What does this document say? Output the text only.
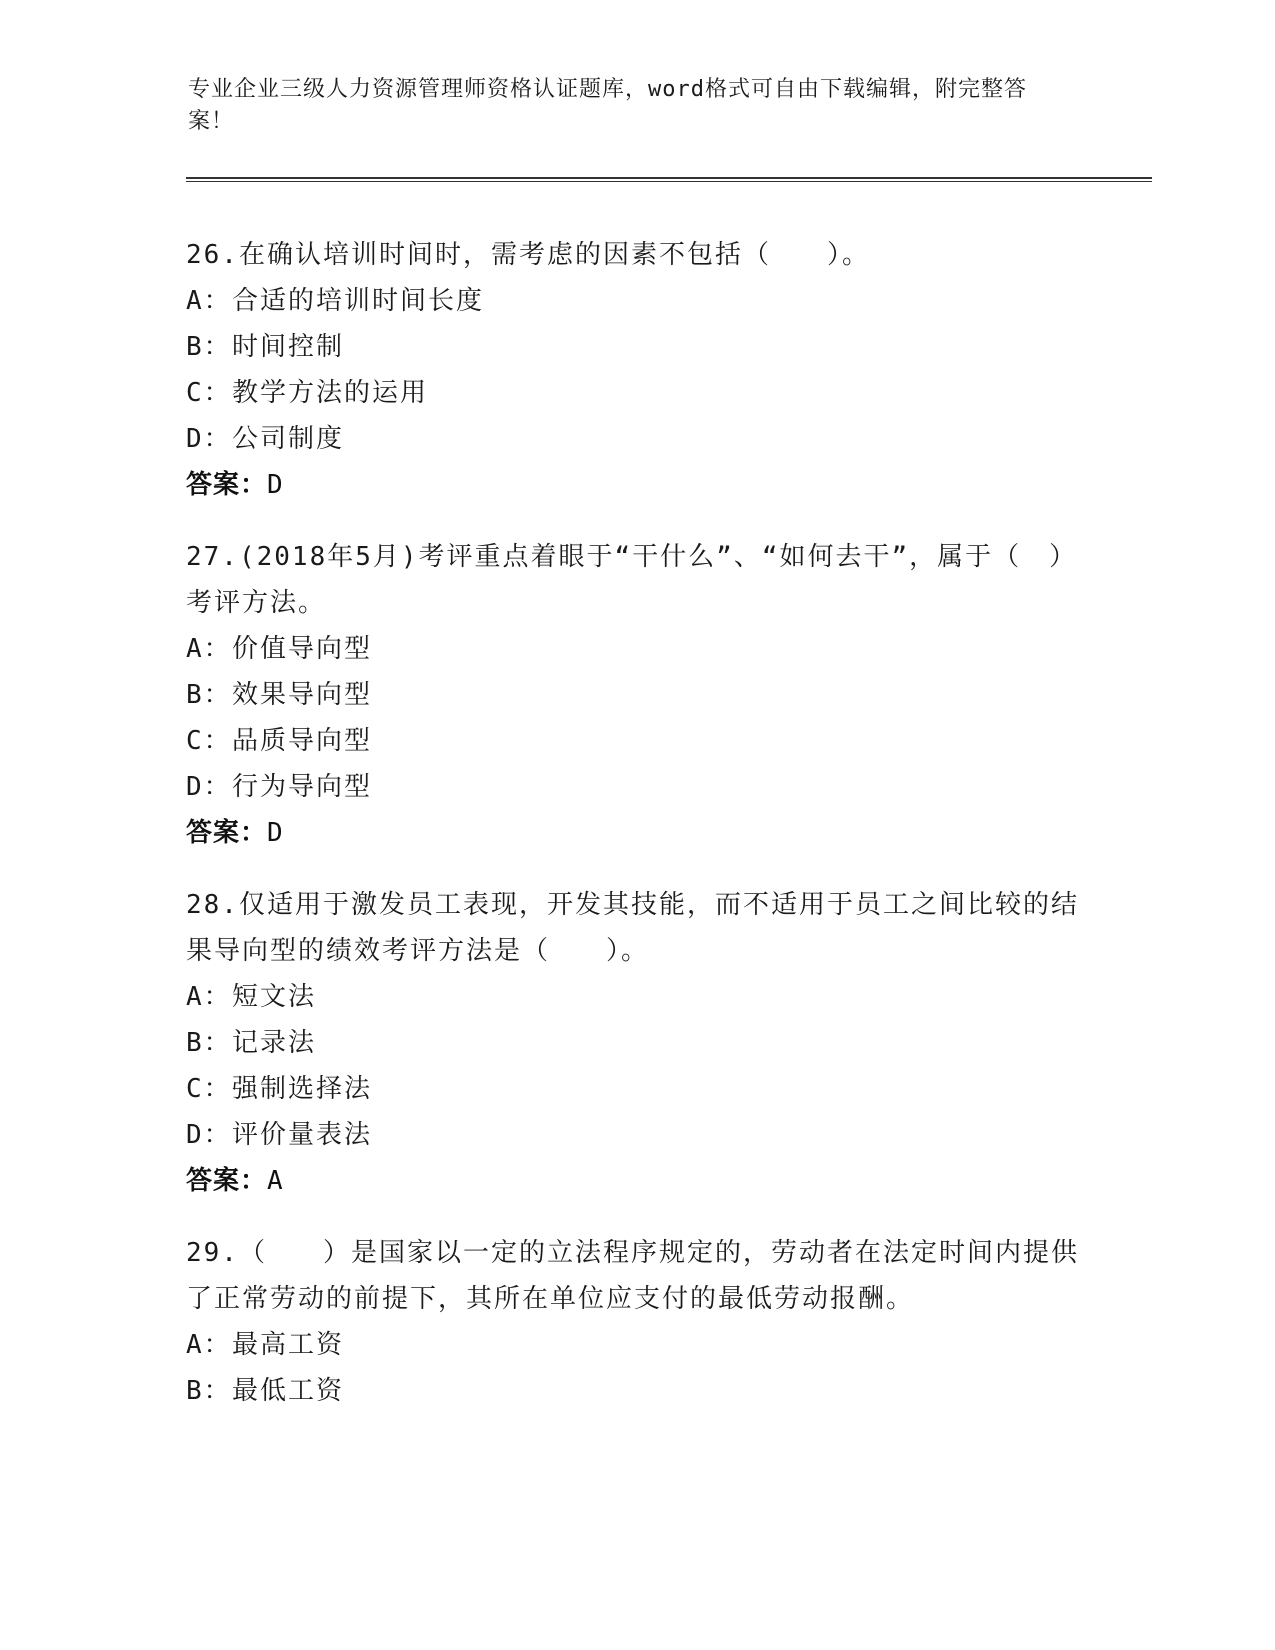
专业企业三级人力资源管理师资格认证题库，word格式可自由下载编辑，附完整答案！

26.在确认培训时间时，需考虑的因素不包括（　　）。

A： 合适的培训时间长度
B： 时间控制
C： 教学方法的运用
D： 公司制度
答案：D

27.(2018年5月)考评重点着眼于“干什么”、“如何去干”，属于（　）考评方法。

A： 价值导向型
B： 效果导向型
C： 品质导向型
D： 行为导向型
答案：D

28.仅适用于激发员工表现，开发其技能，而不适用于员工之间比较的结果导向型的绩效考评方法是（　　）。

A： 短文法
B： 记录法
C： 强制选择法
D： 评价量表法
答案：A

29.（　　）是国家以一定的立法程序规定的，劳动者在法定时间内提供了正常劳动的前提下，其所在单位应支付的最低劳动报酬。

A： 最高工资
B： 最低工资
